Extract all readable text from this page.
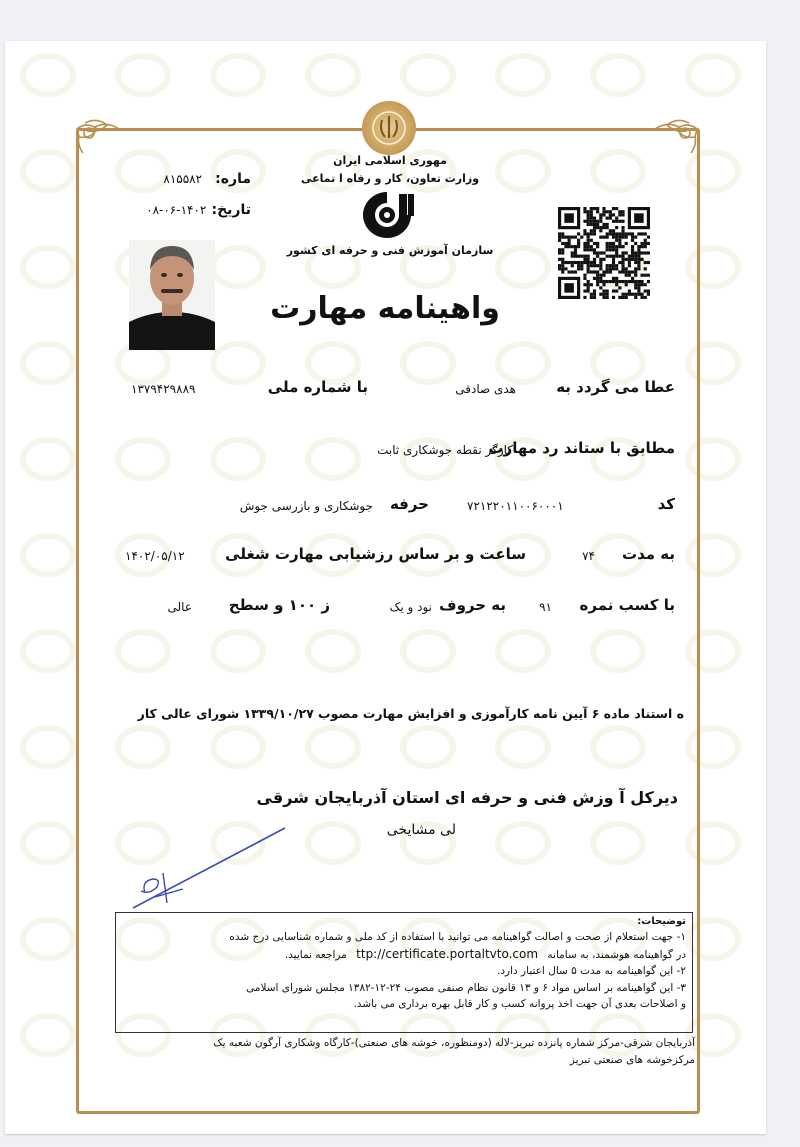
مهوری اسلامی ایران
وزارت تعاون، کار و رفاه ا تماعی
سازمان آموزش فنی و حرفه ای کشور
ماره: ۸۱۵۵۸۲
تاریخ: ۱۴۰۲-۰۶-۰۸
واهینامه مهارت
عطا می گردد به
هدی صادقی
با شماره ملی
۱۳۷۹۴۲۹۸۸۹
مطابق با ستاند رد مهارت
کارگر نقطه جوشکاری ثابت
کد
۷۲۱۲۲۰۱۱۰۰۶۰۰۰۱
حرفه
جوشکاری و بازرسی جوش
به مدت
۷۴
ساعت و بر ساس رزشیابی مهارت شغلی
۱۴۰۲/۰۵/۱۲
با کسب نمره
۹۱
به حروف
نود و یک
ز ۱۰۰ و سطح
عالی
ه استناد ماده ۶ آیین نامه کارآموزی و افزایش مهارت مصوب ۱۳۳۹/۱۰/۲۷ شورای عالی کار
دیرکل آ وزش فنی و حرفه ای استان آذربایجان شرقی
لی مشایخی
توضیحات:
۱- جهت استعلام از صحت و اصالت گواهینامه می توانید با استفاده از کد ملی و شماره شناسایی درج شده
در گواهینامه هوشمند، به سامانه ttp://certificate.portaltvto.com مراجعه نمایید.
۲- این گواهینامه به مدت ۵ سال اعتبار دارد.
۳- این گواهینامه بر اساس مواد ۶ و ۱۳ قانون نظام صنفی مصوب ۲۴-۱۲-۱۳۸۲ مجلس شورای اسلامی
و اصلاحات بعدی آن جهت اخذ پروانه کسب و کار قابل بهره برداری می باشد.
آذربایجان شرقی-مرکز شماره پانزده تبریز-لاله (دومنظوره، خوشه های صنعتی)-کارگاه وشکاری آرگون شعبه یک
مرکزخوشه های صنعتی تبریز
